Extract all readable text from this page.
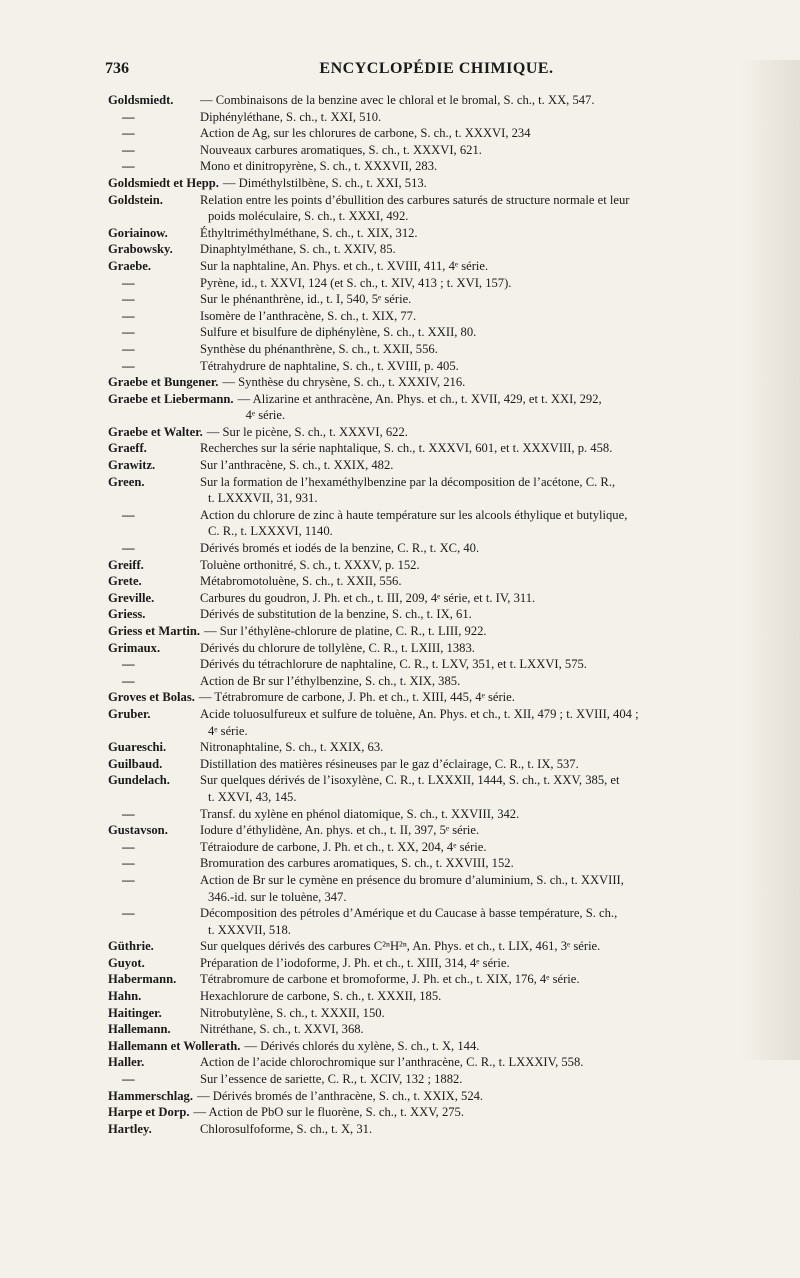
736	ENCYCLOPÉDIE CHIMIQUE.
Goldsmiedt.	— Combinaisons de la benzine avec le chloral et le bromal, S. ch., t. XX, 547.
—	Diphényléthane, S. ch., t. XXI, 510.
—	Action de Ag, sur les chlorures de carbone, S. ch., t. XXXVI, 234
—	Nouveaux carbures aromatiques, S. ch., t. XXXVI, 621.
—	Mono et dinitropyrène, S. ch., t. XXXVII, 283.
Goldsmiedt et Hepp. — Diméthylstilbène, S. ch., t. XXI, 513.
Goldstein.	Relation entre les points d’ébullition des carbures saturés de structure normale et leur
poids moléculaire, S. ch., t. XXXI, 492.
Goriainow.	Éthyltriméthylméthane, S. ch., t. XIX, 312.
Grabowsky.	Dinaphtylméthane, S. ch., t. XXIV, 85.
Graebe.	Sur la naphtaline, An. Phys. et ch., t. XVIII, 411, 4ᵉ série.
—	Pyrène, id., t. XXVI, 124 (et S. ch., t. XIV, 413 ; t. XVI, 157).
—	Sur le phénanthrène, id., t. I, 540, 5ᵉ série.
—	Isomère de l’anthracène, S. ch., t. XIX, 77.
—	Sulfure et bisulfure de diphénylène, S. ch., t. XXII, 80.
—	Synthèse du phénanthrène, S. ch., t. XXII, 556.
—	Tétrahydrure de naphtaline, S. ch., t. XVIII, p. 405.
Graebe et Bungener. — Synthèse du chrysène, S. ch., t. XXXIV, 216.
Graebe et Liebermann. — Alizarine et anthracène, An. Phys. et ch., t. XVII, 429, et t. XXI, 292,
4ᵉ série.
Graebe et Walter. — Sur le picène, S. ch., t. XXXVI, 622.
Graeff.	Recherches sur la série naphtalique, S. ch., t. XXXVI, 601, et t. XXXVIII, p. 458.
Grawitz.	Sur l’anthracène, S. ch., t. XXIX, 482.
Green.	Sur la formation de l’hexaméthylbenzine par la décomposition de l’acétone, C. R.,
t. LXXXVII, 31, 931.
—	Action du chlorure de zinc à haute température sur les alcools éthylique et butylique,
C. R., t. LXXXVI, 1140.
—	Dérivés bromés et iodés de la benzine, C. R., t. XC, 40.
Greiff.	Toluène orthonitré, S. ch., t. XXXV, p. 152.
Grete.	Métabromotoluène, S. ch., t. XXII, 556.
Greville.	Carbures du goudron, J. Ph. et ch., t. III, 209, 4ᵉ série, et t. IV, 311.
Griess.	Dérivés de substitution de la benzine, S. ch., t. IX, 61.
Griess et Martin. — Sur l’éthylène-chlorure de platine, C. R., t. LIII, 922.
Grimaux.	Dérivés du chlorure de tollylène, C. R., t. LXIII, 1383.
—	Dérivés du tétrachlorure de naphtaline, C. R., t. LXV, 351, et t. LXXVI, 575.
—	Action de Br sur l’éthylbenzine, S. ch., t. XIX, 385.
Groves et Bolas. — Tétrabromure de carbone, J. Ph. et ch., t. XIII, 445, 4ᵉ série.
Gruber.	Acide toluosulfureux et sulfure de toluène, An. Phys. et ch., t. XII, 479 ; t. XVIII, 404 ;
4ᵉ série.
Guareschi.	Nitronaphtaline, S. ch., t. XXIX, 63.
Guilbaud.	Distillation des matières résineuses par le gaz d’éclairage, C. R., t. IX, 537.
Gundelach.	Sur quelques dérivés de l’isoxylène, C. R., t. LXXXII, 1444, S. ch., t. XXV, 385, et
t. XXVI, 43, 145.
—	Transf. du xylène en phénol diatomique, S. ch., t. XXVIII, 342.
Gustavson.	Iodure d’éthylidène, An. phys. et ch., t. II, 397, 5ᵉ série.
—	Tétraiodure de carbone, J. Ph. et ch., t. XX, 204, 4ᵉ série.
—	Bromuration des carbures aromatiques, S. ch., t. XXVIII, 152.
—	Action de Br sur le cymène en présence du bromure d’aluminium, S. ch., t. XXVIII,
346.-id. sur le toluène, 347.
—	Décomposition des pétroles d’Amérique et du Caucase à basse température, S. ch.,
t. XXXVII, 518.
Güthrie.	Sur quelques dérivés des carbures C²ⁿH²ⁿ, An. Phys. et ch., t. LIX, 461, 3ᵉ série.
Guyot.	Préparation de l’iodoforme, J. Ph. et ch., t. XIII, 314, 4ᵉ série.
Habermann.	Tétrabromure de carbone et bromoforme, J. Ph. et ch., t. XIX, 176, 4ᵉ série.
Hahn.	Hexachlorure de carbone, S. ch., t. XXXII, 185.
Haitinger.	Nitrobutylène, S. ch., t. XXXII, 150.
Hallemann.	Nitréthane, S. ch., t. XXVI, 368.
Hallemann et Wollerath. — Dérivés chlorés du xylène, S. ch., t. X, 144.
Haller.	Action de l’acide chlorochromique sur l’anthracène, C. R., t. LXXXIV, 558.
—	Sur l’essence de sariette, C. R., t. XCIV, 132 ; 1882.
Hammerschlag. — Dérivés bromés de l’anthracène, S. ch., t. XXIX, 524.
Harpe et Dorp. — Action de PbO sur le fluorène, S. ch., t. XXV, 275.
Hartley.	Chlorosulfoforme, S. ch., t. X, 31.
